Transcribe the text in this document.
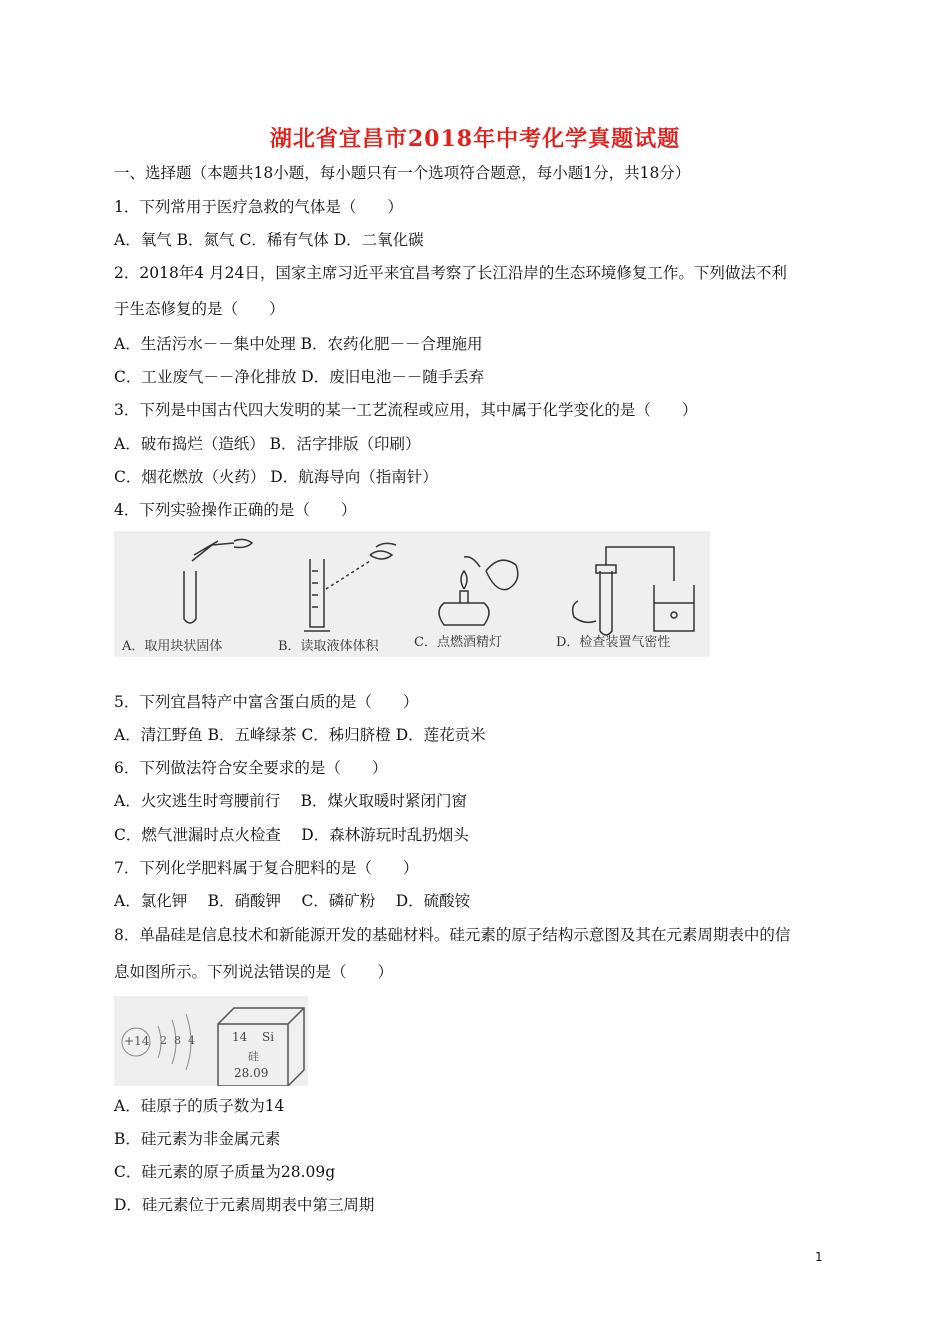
湖北省宜昌市2018年中考化学真题试题
一、选择题（本题共18小题，每小题只有一个选项符合题意，每小题1分，共18分）
1．下列常用于医疗急救的气体是（　　）
A．氧气 B．氮气 C．稀有气体 D．二氧化碳
2．2018年4 月24日，国家主席习近平来宜昌考察了长江沿岸的生态环境修复工作。下列做法不利
于生态修复的是（　　）
A．生活污水－－集中处理 B．农药化肥－－合理施用
C．工业废气－－净化排放 D．废旧电池－－随手丢弃
3．下列是中国古代四大发明的某一工艺流程或应用，其中属于化学变化的是（　　）
A．破布捣烂（造纸） B．活字排版（印刷）
C．烟花燃放（火药） D．航海导向（指南针）
4．下列实验操作正确的是（　　）
A．取用块状固体	B．读取液体体积	C．点燃酒精灯	D．检查装置气密性
5．下列宜昌特产中富含蛋白质的是（　　）
A．清江野鱼 B．五峰绿茶 C．秭归脐橙 D．莲花贡米
6．下列做法符合安全要求的是（　　）
A．火灾逃生时弯腰前行　 B．煤火取暖时紧闭门窗
C．燃气泄漏时点火检查　 D．森林游玩时乱扔烟头
7．下列化学肥料属于复合肥料的是（　　）
A．氯化钾　 B．硝酸钾　 C．磷矿粉　 D．硫酸铵
8．单晶硅是信息技术和新能源开发的基础材料。硅元素的原子结构示意图及其在元素周期表中的信
息如图所示。下列说法错误的是（　　）
+14 2 8 4	14 Si
硅
28.09
A．硅原子的质子数为14
B．硅元素为非金属元素
C．硅元素的原子质量为28.09g
D．硅元素位于元素周期表中第三周期
1
